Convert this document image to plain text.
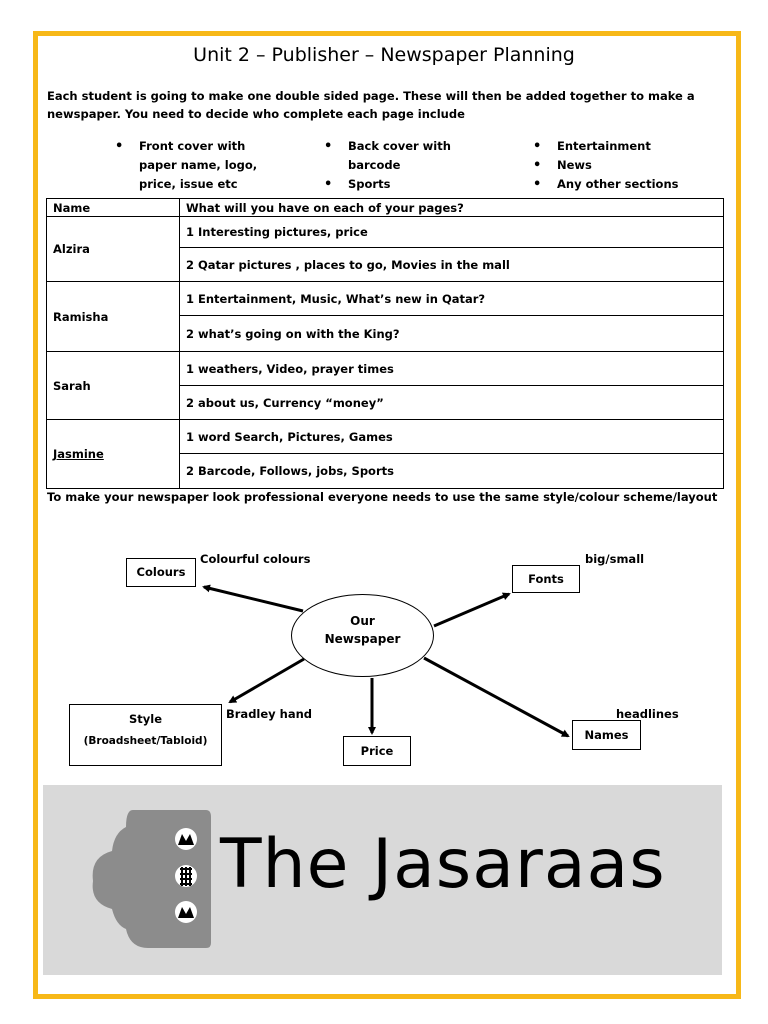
Unit 2 – Publisher – Newspaper Planning
Each student is going to make one double sided page. These will then be added together to make a newspaper. You need to decide who complete each page include
• Front cover with paper name, logo, price, issue etc
• Back cover with barcode
• Sports
• Entertainment
• News
• Any other sections
Name	What will you have on each of your pages?
Alzira	1 Interesting pictures, price
	2 Qatar pictures , places to go, Movies in the mall
Ramisha	1 Entertainment, Music, What’s new in Qatar?
	2 what’s going on with the King?
Sarah	1 weathers, Video, prayer times
	2 about us, Currency “money”
Jasmine	1 word Search, Pictures, Games
	2 Barcode, Follows, jobs, Sports
To make your newspaper look professional everyone needs to use the same style/colour scheme/layout
Our
Newspaper
Colours
Colourful colours
Fonts
big/small
Style
(Broadsheet/Tabloid)
Bradley hand
Price
Names
headlines
The Jasaraas
